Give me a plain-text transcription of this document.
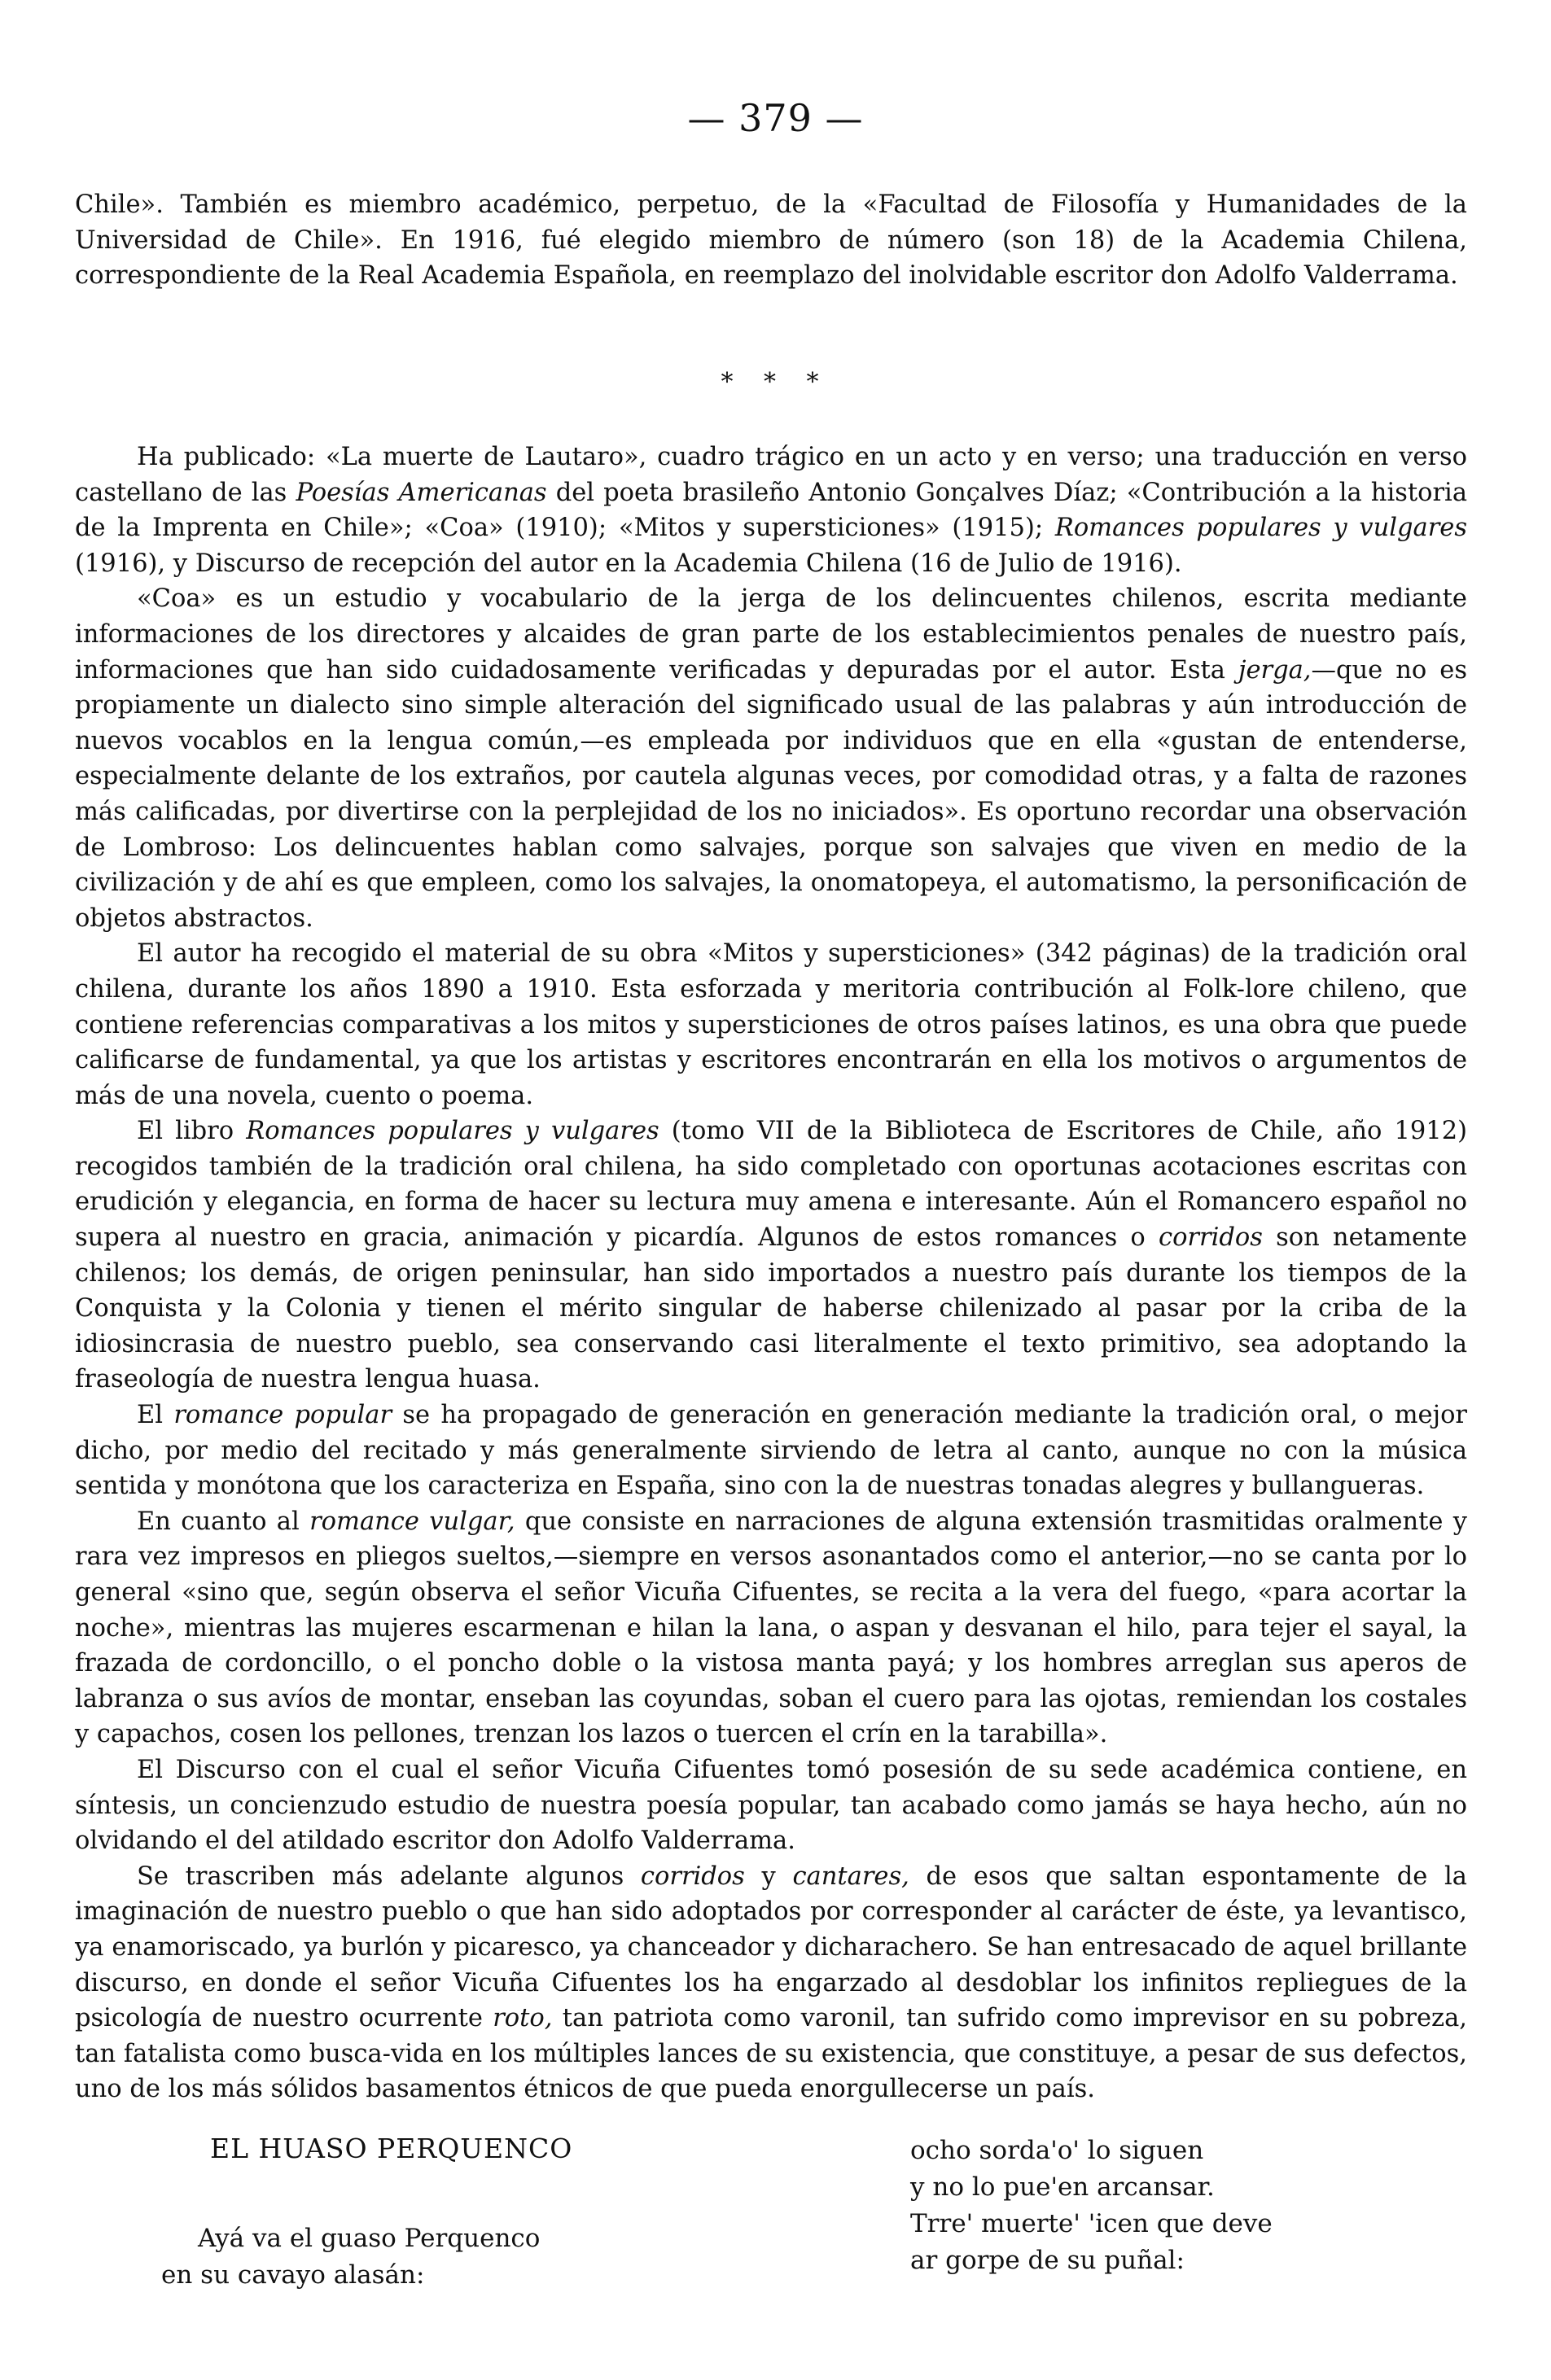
— 379 —
Chile». También es miembro académico, perpetuo, de la «Facultad de Filosofía y Humanidades de la Universidad de Chile». En 1916, fué elegido miembro de número (son 18) de la Academia Chilena, correspondiente de la Real Academia Española, en reemplazo del inolvidable escritor don Adolfo Valderrama.
* * *

Ha publicado: «La muerte de Lautaro», cuadro trágico en un acto y en verso; una traducción en verso castellano de las Poesías Americanas del poeta brasileño Antonio Gonçalves Díaz; «Contribución a la historia de la Imprenta en Chile»; «Coa» (1910); «Mitos y supersticiones» (1915); Romances populares y vulgares (1916), y Discurso de recepción del autor en la Academia Chilena (16 de Julio de 1916).

«Coa» es un estudio y vocabulario de la jerga de los delincuentes chilenos, escrita mediante informaciones de los directores y alcaides de gran parte de los establecimientos penales de nuestro país, informaciones que han sido cuidadosamente verificadas y depuradas por el autor. Esta jerga,—que no es propiamente un dialecto sino simple alteración del significado usual de las palabras y aún introducción de nuevos vocablos en la lengua común,—es empleada por individuos que en ella «gustan de entenderse, especialmente delante de los extraños, por cautela algunas veces, por comodidad otras, y a falta de razones más calificadas, por divertirse con la perplejidad de los no iniciados». Es oportuno recordar una observación de Lombroso: Los delincuentes hablan como salvajes, porque son salvajes que viven en medio de la civilización y de ahí es que empleen, como los salvajes, la onomatopeya, el automatismo, la personificación de objetos abstractos.

El autor ha recogido el material de su obra «Mitos y supersticiones» (342 páginas) de la tradición oral chilena, durante los años 1890 a 1910. Esta esforzada y meritoria contribución al Folk-lore chileno, que contiene referencias comparativas a los mitos y supersticiones de otros países latinos, es una obra que puede calificarse de fundamental, ya que los artistas y escritores encontrarán en ella los motivos o argumentos de más de una novela, cuento o poema.

El libro Romances populares y vulgares (tomo VII de la Biblioteca de Escritores de Chile, año 1912) recogidos también de la tradición oral chilena, ha sido completado con oportunas acotaciones escritas con erudición y elegancia, en forma de hacer su lectura muy amena e interesante. Aún el Romancero español no supera al nuestro en gracia, animación y picardía. Algunos de estos romances o corridos son netamente chilenos; los demás, de origen peninsular, han sido importados a nuestro país durante los tiempos de la Conquista y la Colonia y tienen el mérito singular de haberse chilenizado al pasar por la criba de la idiosincrasia de nuestro pueblo, sea conservando casi literalmente el texto primitivo, sea adoptando la fraseología de nuestra lengua huasa.

El romance popular se ha propagado de generación en generación mediante la tradición oral, o mejor dicho, por medio del recitado y más generalmente sirviendo de letra al canto, aunque no con la música sentida y monótona que los caracteriza en España, sino con la de nuestras tonadas alegres y bullangueras.

En cuanto al romance vulgar, que consiste en narraciones de alguna extensión trasmitidas oralmente y rara vez impresos en pliegos sueltos,—siempre en versos asonantados como el anterior,—no se canta por lo general «sino que, según observa el señor Vicuña Cifuentes, se recita a la vera del fuego, «para acortar la noche», mientras las mujeres escarmenan e hilan la lana, o aspan y desvanan el hilo, para tejer el sayal, la frazada de cordoncillo, o el poncho doble o la vistosa manta payá; y los hombres arreglan sus aperos de labranza o sus avíos de montar, enseban las coyundas, soban el cuero para las ojotas, remiendan los costales y capachos, cosen los pellones, trenzan los lazos o tuercen el crín en la tarabilla».

El Discurso con el cual el señor Vicuña Cifuentes tomó posesión de su sede académica contiene, en síntesis, un concienzudo estudio de nuestra poesía popular, tan acabado como jamás se haya hecho, aún no olvidando el del atildado escritor don Adolfo Valderrama.

Se trascriben más adelante algunos corridos y cantares, de esos que saltan espontamente de la imaginación de nuestro pueblo o que han sido adoptados por corresponder al carácter de éste, ya levantisco, ya enamoriscado, ya burlón y picaresco, ya chanceador y dicharachero. Se han entresacado de aquel brillante discurso, en donde el señor Vicuña Cifuentes los ha engarzado al desdoblar los infinitos repliegues de la psicología de nuestro ocurrente roto, tan patriota como varonil, tan sufrido como imprevisor en su pobreza, tan fatalista como busca-vida en los múltiples lances de su existencia, que constituye, a pesar de sus defectos, uno de los más sólidos basamentos étnicos de que pueda enorgullecerse un país.

EL HUASO PERQUENCO
Ayá va el guaso Perquenco
en su cavayo alasán:
ocho sorda'o' lo siguen
y no lo pue'en arcansar.
Trre' muerte' 'icen que deve
ar gorpe de su puñal:
